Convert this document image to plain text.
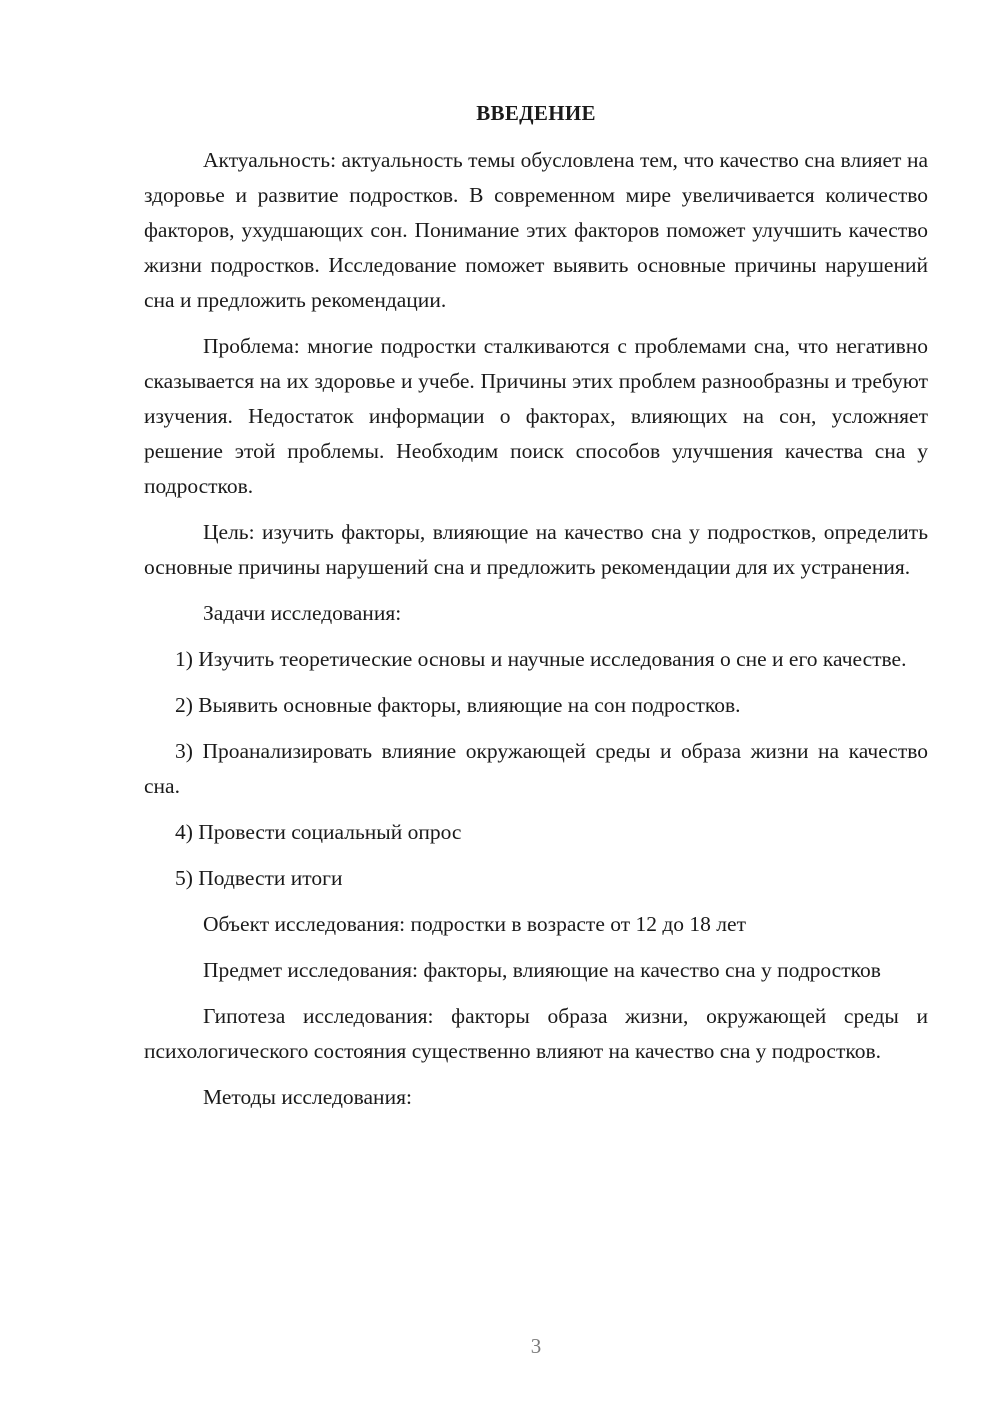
ВВЕДЕНИЕ

Актуальность: актуальность темы обусловлена тем, что качество сна влияет на здоровье и развитие подростков. В современном мире увеличивается количество факторов, ухудшающих сон. Понимание этих факторов поможет улучшить качество жизни подростков. Исследование поможет выявить основные причины нарушений сна и предложить рекомендации.

Проблема: многие подростки сталкиваются с проблемами сна, что негативно сказывается на их здоровье и учебе. Причины этих проблем разнообразны и требуют изучения. Недостаток информации о факторах, влияющих на сон, усложняет решение этой проблемы. Необходим поиск способов улучшения качества сна у подростков.

Цель: изучить факторы, влияющие на качество сна у подростков, определить основные причины нарушений сна и предложить рекомендации для их устранения.

Задачи исследования:

1) Изучить теоретические основы и научные исследования о сне и его качестве.

2) Выявить основные факторы, влияющие на сон подростков.

3) Проанализировать влияние окружающей среды и образа жизни на качество сна.

4) Провести социальный опрос

5) Подвести итоги

Объект исследования: подростки в возрасте от 12 до 18 лет

Предмет исследования: факторы, влияющие на качество сна у подростков

Гипотеза исследования: факторы образа жизни, окружающей среды и психологического состояния существенно влияют на качество сна у подростков.

Методы исследования:

3
